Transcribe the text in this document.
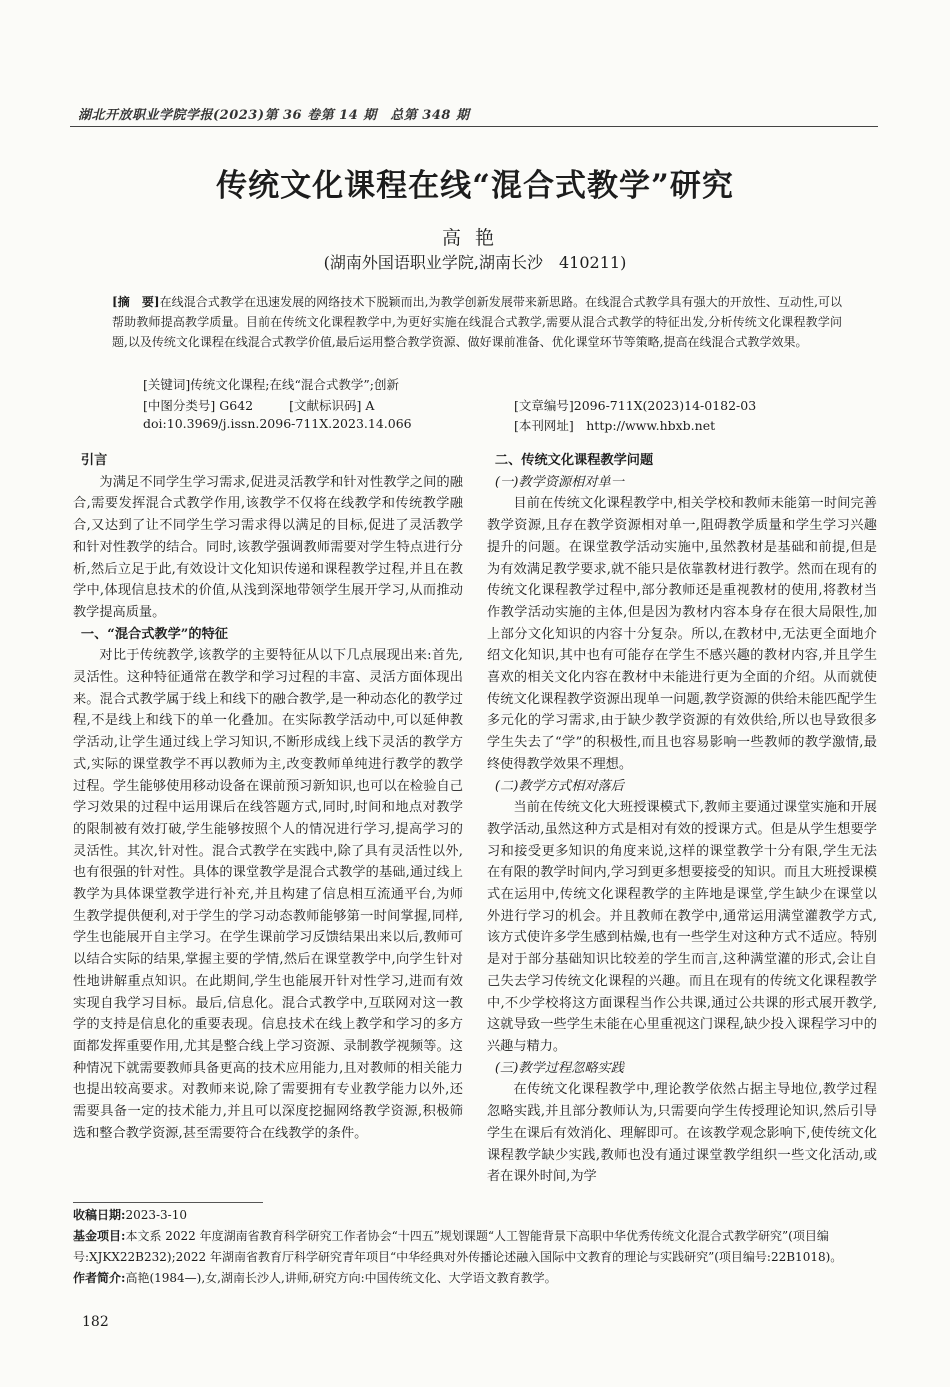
湖北开放职业学院学报(2023)第 36 卷第 14 期　总第 348 期
传统文化课程在线“混合式教学”研究
高艳
(湖南外国语职业学院,湖南长沙　410211)
[摘　要]在线混合式教学在迅速发展的网络技术下脱颖而出,为教学创新发展带来新思路。在线混合式教学具有强大的开放性、互动性,可以帮助教师提高教学质量。目前在传统文化课程教学中,为更好实施在线混合式教学,需要从混合式教学的特征出发,分析传统文化课程教学问题,以及传统文化课程在线混合式教学价值,最后运用整合教学资源、做好课前准备、优化课堂环节等策略,提高在线混合式教学效果。
[关键词]传统文化课程;在线“混合式教学”;创新
[中图分类号] G642	[文献标识码] A
doi:10.3969/j.issn.2096-711X.2023.14.066
[文章编号]2096-711X(2023)14-0182-03
[本刊网址]　http://www.hbxb.net

引言

为满足不同学生学习需求,促进灵活教学和针对性教学之间的融合,需要发挥混合式教学作用,该教学不仅将在线教学和传统教学融合,又达到了让不同学生学习需求得以满足的目标,促进了灵活教学和针对性教学的结合。同时,该教学强调教师需要对学生特点进行分析,然后立足于此,有效设计文化知识传递和课程教学过程,并且在教学中,体现信息技术的价值,从浅到深地带领学生展开学习,从而推动教学提高质量。

一、“混合式教学”的特征

对比于传统教学,该教学的主要特征从以下几点展现出来:首先,灵活性。这种特征通常在教学和学习过程的丰富、灵活方面体现出来。混合式教学属于线上和线下的融合教学,是一种动态化的教学过程,不是线上和线下的单一化叠加。在实际教学活动中,可以延伸教学活动,让学生通过线上学习知识,不断形成线上线下灵活的教学方式,实际的课堂教学不再以教师为主,改变教师单纯进行教学的教学过程。学生能够使用移动设备在课前预习新知识,也可以在检验自己学习效果的过程中运用课后在线答题方式,同时,时间和地点对教学的限制被有效打破,学生能够按照个人的情况进行学习,提高学习的灵活性。其次,针对性。混合式教学在实践中,除了具有灵活性以外,也有很强的针对性。具体的课堂教学是混合式教学的基础,通过线上教学为具体课堂教学进行补充,并且构建了信息相互流通平台,为师生教学提供便利,对于学生的学习动态教师能够第一时间掌握,同样,学生也能展开自主学习。在学生课前学习反馈结果出来以后,教师可以结合实际的结果,掌握主要的学情,然后在课堂教学中,向学生针对性地讲解重点知识。在此期间,学生也能展开针对性学习,进而有效实现自我学习目标。最后,信息化。混合式教学中,互联网对这一教学的支持是信息化的重要表现。信息技术在线上教学和学习的多方面都发挥重要作用,尤其是整合线上学习资源、录制教学视频等。这种情况下就需要教师具备更高的技术应用能力,且对教师的相关能力也提出较高要求。对教师来说,除了需要拥有专业教学能力以外,还需要具备一定的技术能力,并且可以深度挖掘网络教学资源,积极筛选和整合教学资源,甚至需要符合在线教学的条件。

二、传统文化课程教学问题

(一)教学资源相对单一

目前在传统文化课程教学中,相关学校和教师未能第一时间完善教学资源,且存在教学资源相对单一,阻碍教学质量和学生学习兴趣提升的问题。在课堂教学活动实施中,虽然教材是基础和前提,但是为有效满足教学要求,就不能只是依靠教材进行教学。然而在现有的传统文化课程教学过程中,部分教师还是重视教材的使用,将教材当作教学活动实施的主体,但是因为教材内容本身存在很大局限性,加上部分文化知识的内容十分复杂。所以,在教材中,无法更全面地介绍文化知识,其中也有可能存在学生不感兴趣的教材内容,并且学生喜欢的相关文化内容在教材中未能进行更为全面的介绍。从而就使传统文化课程教学资源出现单一问题,教学资源的供给未能匹配学生多元化的学习需求,由于缺少教学资源的有效供给,所以也导致很多学生失去了“学”的积极性,而且也容易影响一些教师的教学激情,最终使得教学效果不理想。

(二)教学方式相对落后

当前在传统文化大班授课模式下,教师主要通过课堂实施和开展教学活动,虽然这种方式是相对有效的授课方式。但是从学生想要学习和接受更多知识的角度来说,这样的课堂教学十分有限,学生无法在有限的教学时间内,学习到更多想要接受的知识。而且大班授课模式在运用中,传统文化课程教学的主阵地是课堂,学生缺少在课堂以外进行学习的机会。并且教师在教学中,通常运用满堂灌教学方式,该方式使许多学生感到枯燥,也有一些学生对这种方式不适应。特别是对于部分基础知识比较差的学生而言,这种满堂灌的形式,会让自己失去学习传统文化课程的兴趣。而且在现有的传统文化课程教学中,不少学校将这方面课程当作公共课,通过公共课的形式展开教学,这就导致一些学生未能在心里重视这门课程,缺少投入课程学习中的兴趣与精力。

(三)教学过程忽略实践

在传统文化课程教学中,理论教学依然占据主导地位,教学过程忽略实践,并且部分教师认为,只需要向学生传授理论知识,然后引导学生在课后有效消化、理解即可。在该教学观念影响下,使传统文化课程教学缺少实践,教师也没有通过课堂教学组织一些文化活动,或者在课外时间,为学

收稿日期:2023-3-10
基金项目:本文系 2022 年度湖南省教育科学研究工作者协会“十四五”规划课题“人工智能背景下高职中华优秀传统文化混合式教学研究”(项目编号:XJKX22B232);2022 年湖南省教育厅科学研究青年项目“中华经典对外传播论述融入国际中文教育的理论与实践研究”(项目编号:22B1018)。
作者简介:高艳(1984—),女,湖南长沙人,讲师,研究方向:中国传统文化、大学语文教育教学。
182
